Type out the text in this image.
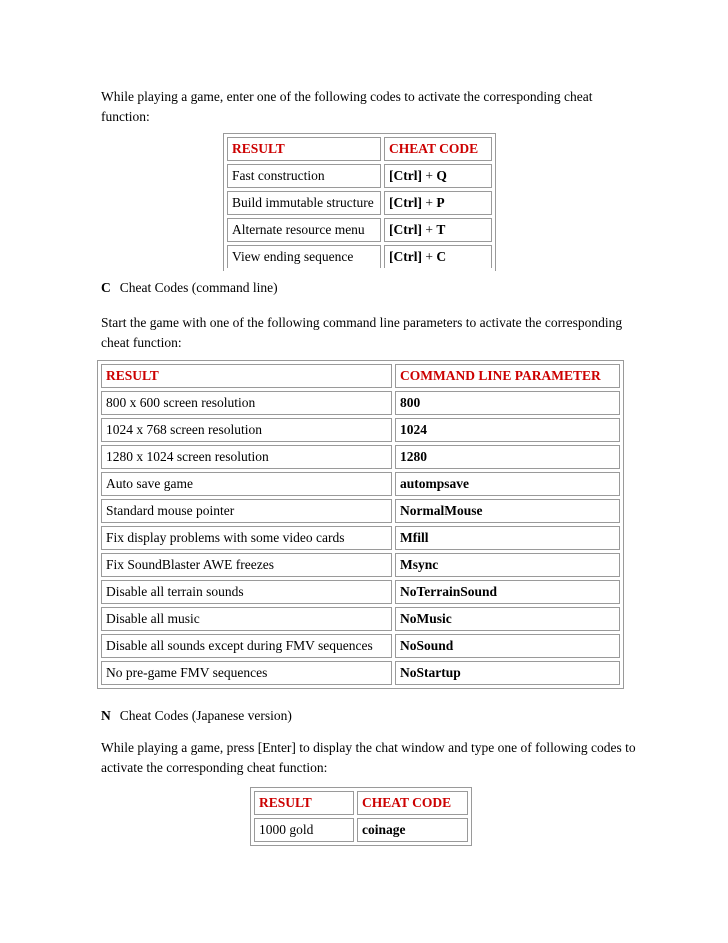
While playing a game, enter one of the following codes to activate the corresponding cheat function:

RESULT	CHEAT CODE
Fast construction	[Ctrl] + Q
Build immutable structure	[Ctrl] + P
Alternate resource menu	[Ctrl] + T
View ending sequence	[Ctrl] + C

C Cheat Codes (command line)

Start the game with one of the following command line parameters to activate the corresponding cheat function:

RESULT	COMMAND LINE PARAMETER
800 x 600 screen resolution	800
1024 x 768 screen resolution	1024
1280 x 1024 screen resolution	1280
Auto save game	autompsave
Standard mouse pointer	NormalMouse
Fix display problems with some video cards	Mfill
Fix SoundBlaster AWE freezes	Msync
Disable all terrain sounds	NoTerrainSound
Disable all music	NoMusic
Disable all sounds except during FMV sequences	NoSound
No pre-game FMV sequences	NoStartup

N Cheat Codes (Japanese version)

While playing a game, press [Enter] to display the chat window and type one of following codes to activate the corresponding cheat function:

RESULT	CHEAT CODE
1000 gold	coinage
